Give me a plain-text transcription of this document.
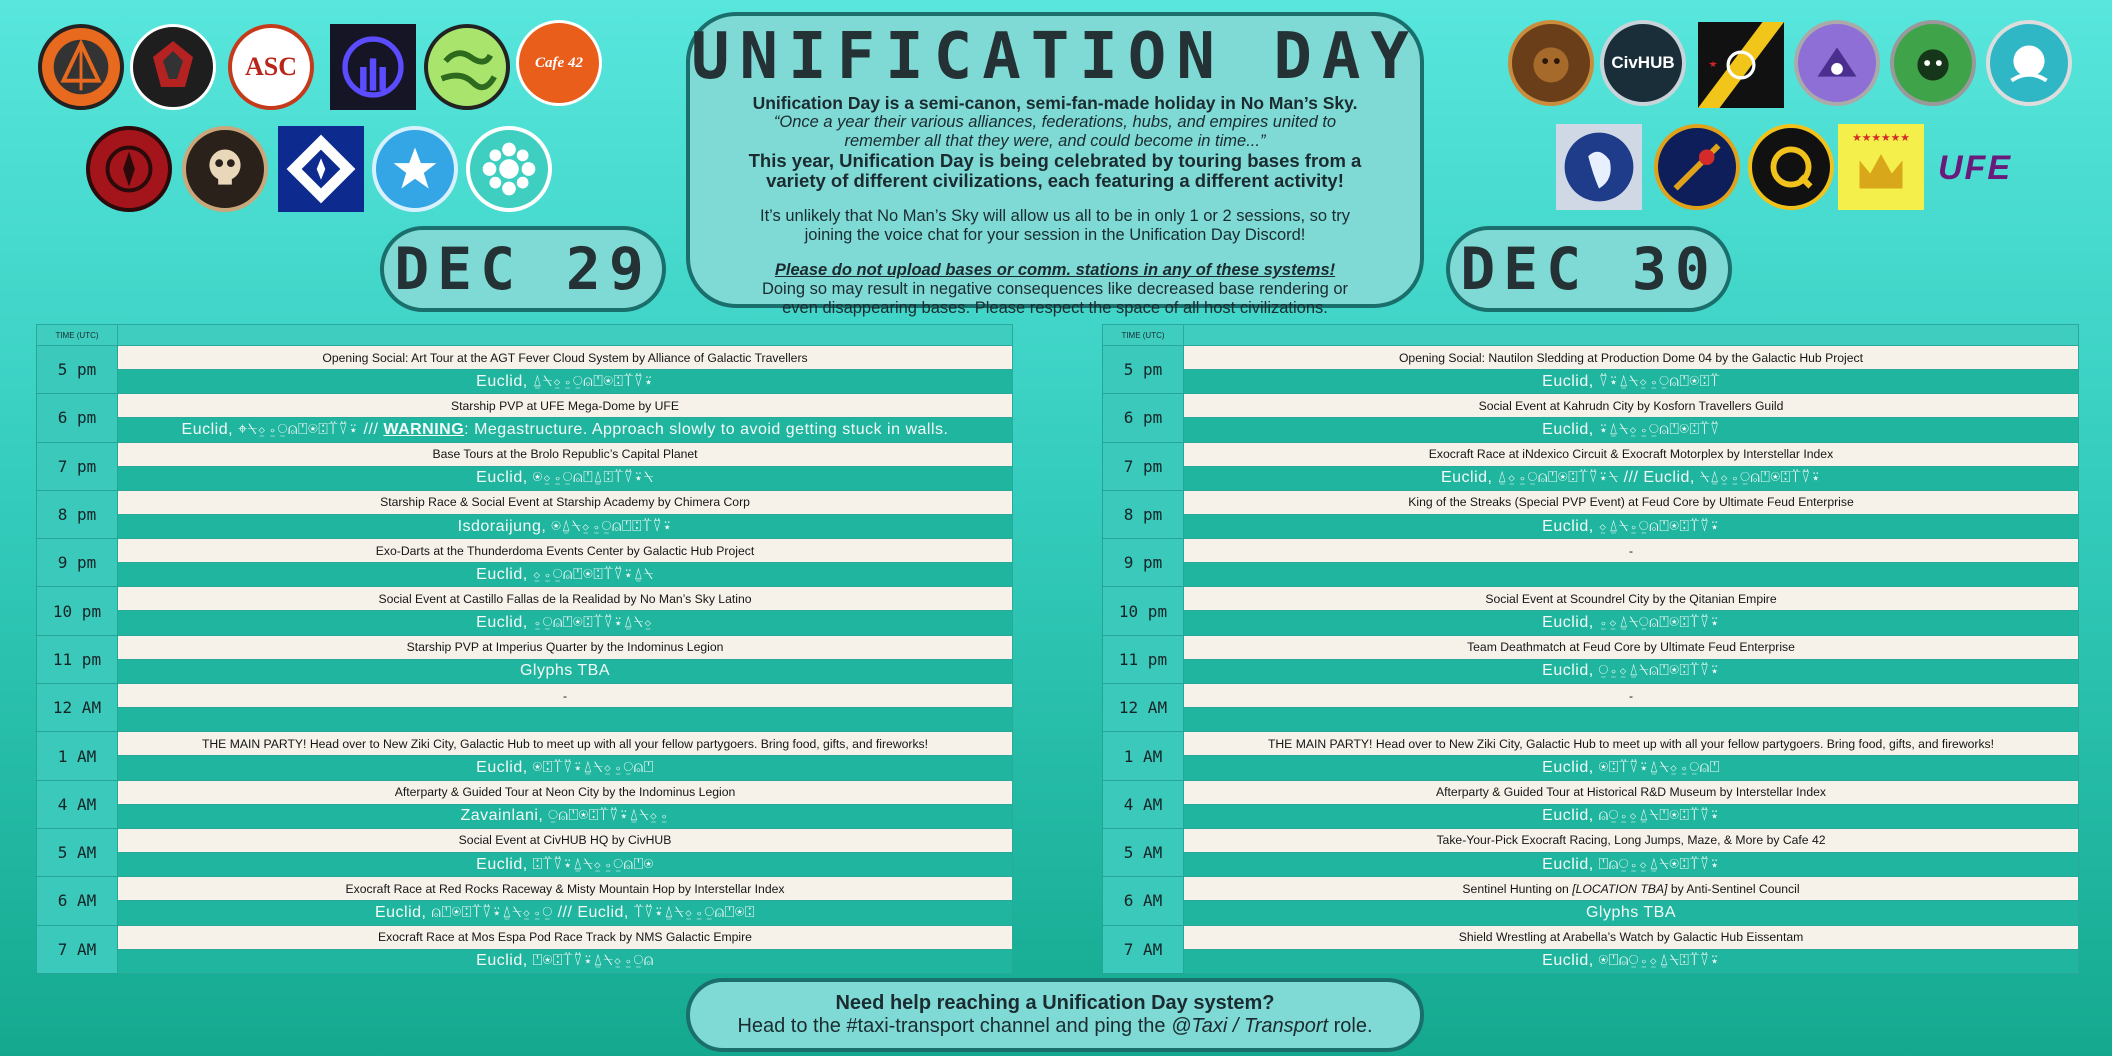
ASC	Cafe 42	CivHUB
★★★★★★
UFE
UNIFICATION DAY
Unification Day is a semi-canon, semi-fan-made holiday in No Man’s Sky.
“Once a year their various alliances, federations, hubs, and empires united to
remember all that they were, and could become in time...”
This year, Unification Day is being celebrated by touring bases from a
variety of different civilizations, each featuring a different activity!
It’s unlikely that No Man’s Sky will allow us all to be in only 1 or 2 sessions, so try
joining the voice chat for your session in the Unification Day Discord!
Please do not upload bases or comm. stations in any of these systems!
Doing so may result in negative consequences like decreased base rendering or
even disappearing bases. Please respect the space of all host civilizations.
DEC 29	DEC 30
TIME (UTC)
5 pm
Opening Social: Art Tour at the AGT Fever Cloud System by Alliance of Galactic Travellers
Euclid, ⍙⍀⍚⍛⍜⍝⍞⍟⍠⍡⍢⍣
6 pm
Starship PVP at UFE Mega-Dome by UFE
Euclid, ⌖⍀⍚⍛⍜⍝⍞⍟⍠⍡⍢⍣ /// WARNING : Megastructure. Approach slowly to avoid getting stuck in walls.
7 pm
Base Tours at the Brolo Republic’s Capital Planet
Euclid, ⍟⍚⍛⍜⍝⍞⍙⍠⍡⍢⍣⍀
8 pm
Starship Race & Social Event at Starship Academy by Chimera Corp
Isdoraijung, ⍟⍙⍀⍚⍛⍜⍝⍞⍠⍡⍢⍣
9 pm
Exo-Darts at the Thunderdoma Events Center by Galactic Hub Project
Euclid, ⍚⍛⍜⍝⍞⍟⍠⍡⍢⍣⍙⍀
10 pm
Social Event at Castillo Fallas de la Realidad by No Man’s Sky Latino
Euclid, ⍛⍜⍝⍞⍟⍠⍡⍢⍣⍙⍀⍚
11 pm
Starship PVP at Imperius Quarter by the Indominus Legion
Glyphs TBA
12 AM
-
1 AM
THE MAIN PARTY! Head over to New Ziki City, Galactic Hub to meet up with all your fellow partygoers. Bring food, gifts, and fireworks!
Euclid, ⍟⍠⍡⍢⍣⍙⍀⍚⍛⍜⍝⍞
4 AM
Afterparty & Guided Tour at Neon City by the Indominus Legion
Zavainlani, ⍜⍝⍞⍟⍠⍡⍢⍣⍙⍀⍚⍛
5 AM
Social Event at CivHUB HQ by CivHUB
Euclid, ⍠⍡⍢⍣⍙⍀⍚⍛⍜⍝⍞⍟
6 AM
Exocraft Race at Red Rocks Raceway & Misty Mountain Hop by Interstellar Index
Euclid, ⍝⍞⍟⍠⍡⍢⍣⍙⍀⍚⍛⍜ /// Euclid, ⍡⍢⍣⍙⍀⍚⍛⍜⍝⍞⍟⍠
7 AM
Exocraft Race at Mos Espa Pod Race Track by NMS Galactic Empire
Euclid, ⍞⍟⍠⍡⍢⍣⍙⍀⍚⍛⍜⍝
TIME (UTC)
5 pm
Opening Social: Nautilon Sledding at Production Dome 04 by the Galactic Hub Project
Euclid, ⍢⍣⍙⍀⍚⍛⍜⍝⍞⍟⍠⍡
6 pm
Social Event at Kahrudn City by Kosforn Travellers Guild
Euclid, ⍣⍙⍀⍚⍛⍜⍝⍞⍟⍠⍡⍢
7 pm
Exocraft Race at iNdexico Circuit & Exocraft Motorplex by Interstellar Index
Euclid, ⍙⍚⍛⍜⍝⍞⍟⍠⍡⍢⍣⍀ /// Euclid, ⍀⍙⍚⍛⍜⍝⍞⍟⍠⍡⍢⍣
8 pm
King of the Streaks (Special PVP Event) at Feud Core by Ultimate Feud Enterprise
Euclid, ⍚⍙⍀⍛⍜⍝⍞⍟⍠⍡⍢⍣
9 pm
-
10 pm
Social Event at Scoundrel City by the Qitanian Empire
Euclid, ⍛⍚⍙⍀⍜⍝⍞⍟⍠⍡⍢⍣
11 pm
Team Deathmatch at Feud Core by Ultimate Feud Enterprise
Euclid, ⍜⍛⍚⍙⍀⍝⍞⍟⍠⍡⍢⍣
12 AM
-
1 AM
THE MAIN PARTY! Head over to New Ziki City, Galactic Hub to meet up with all your fellow partygoers. Bring food, gifts, and fireworks!
Euclid, ⍟⍠⍡⍢⍣⍙⍀⍚⍛⍜⍝⍞
4 AM
Afterparty & Guided Tour at Historical R&D Museum by Interstellar Index
Euclid, ⍝⍜⍛⍚⍙⍀⍞⍟⍠⍡⍢⍣
5 AM
Take-Your-Pick Exocraft Racing, Long Jumps, Maze, & More by Cafe 42
Euclid, ⍞⍝⍜⍛⍚⍙⍀⍟⍠⍡⍢⍣
6 AM
Sentinel Hunting on [LOCATION TBA] by Anti-Sentinel Council
Glyphs TBA
7 AM
Shield Wrestling at Arabella’s Watch by Galactic Hub Eissentam
Euclid, ⍟⍞⍝⍜⍛⍚⍙⍀⍠⍡⍢⍣
Need help reaching a Unification Day system?
Head to the #taxi-transport channel and ping the @Taxi / Transport role.
